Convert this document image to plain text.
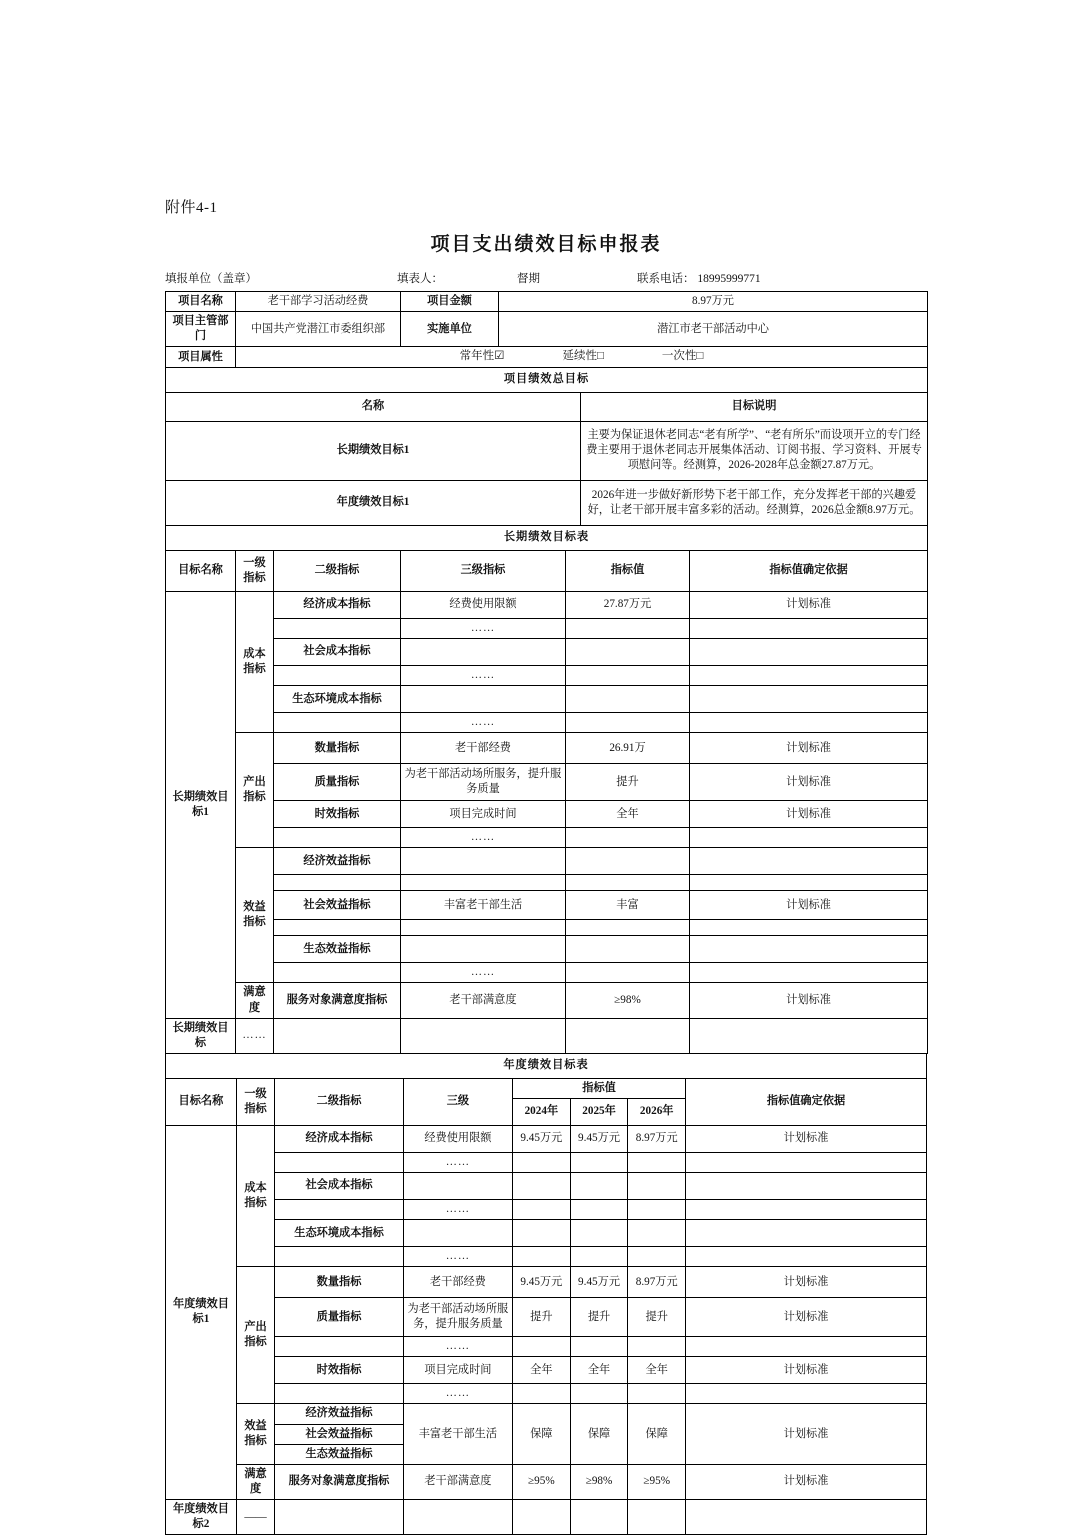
附件4-1
项目支出绩效目标申报表
填报单位（盖章）	填表人：	督期	联系电话： 18995999771
项目名称	老干部学习活动经费	项目金额	8.97万元	
项目主管部门	中国共产党潜江市委组织部	实施单位	潜江市老干部活动中心	
项目属性	常年性☑ 延续性□ 一次性□			

项目绩效总目标				
名称				目标说明
长期绩效目标1				主要为保证退休老同志“老有所学”、“老有所乐”而设项开立的专门经费主要用于退休老同志开展集体活动、订阅书报、学习资料、开展专项慰问等。经测算，2026-2028年总金额27.87万元。
年度绩效目标1				2026年进一步做好新形势下老干部工作，充分发挥老干部的兴趣爱好，让老干部开展丰富多彩的活动。经测算，2026总金额8.97万元。
长期绩效目标表					
目标名称	一级指标	二级指标	三级指标	指标值	指标值确定依据
长期绩效目标1	成本指标	经济成本指标	经费使用限额	27.87万元	计划标准
			……		
		社会成本指标			
			……		
		生态环境成本指标			
			……		
	产出指标	数量指标	老干部经费	26.91万	计划标准
		质量指标	为老干部活动场所服务，提升服务质量	提升	计划标准
		时效指标	项目完成时间	全年	计划标准
			……		
	效益指标	经济效益指标			

		社会效益指标	丰富老干部生活	丰富	计划标准

		生态效益指标			
			……		
	满意度	服务对象满意度指标	老干部满意度	≥98%	计划标准
长期绩效目标	……				
年度绩效目标表							
目标名称	一级指标	二级指标	三级	指标值			指标值确定依据
				2024年	2025年	2026年	
年度绩效目标1	成本指标	经济成本指标	经费使用限额	9.45万元	9.45万元	8.97万元	计划标准
			……				
		社会成本指标					
			……				
		生态环境成本指标					
			……				
	产出指标	数量指标	老干部经费	9.45万元	9.45万元	8.97万元	计划标准
		质量指标	为老干部活动场所服务，提升服务质量	提升	提升	提升	计划标准
			……				
		时效指标	项目完成时间	全年	全年	全年	计划标准
			……				
	效益指标	经济效益指标	丰富老干部生活	保障	保障	保障	计划标准
		社会效益指标					
		生态效益指标					
	满意度	服务对象满意度指标	老干部满意度	≥95%	≥98%	≥95%	计划标准
年度绩效目标2	——						
